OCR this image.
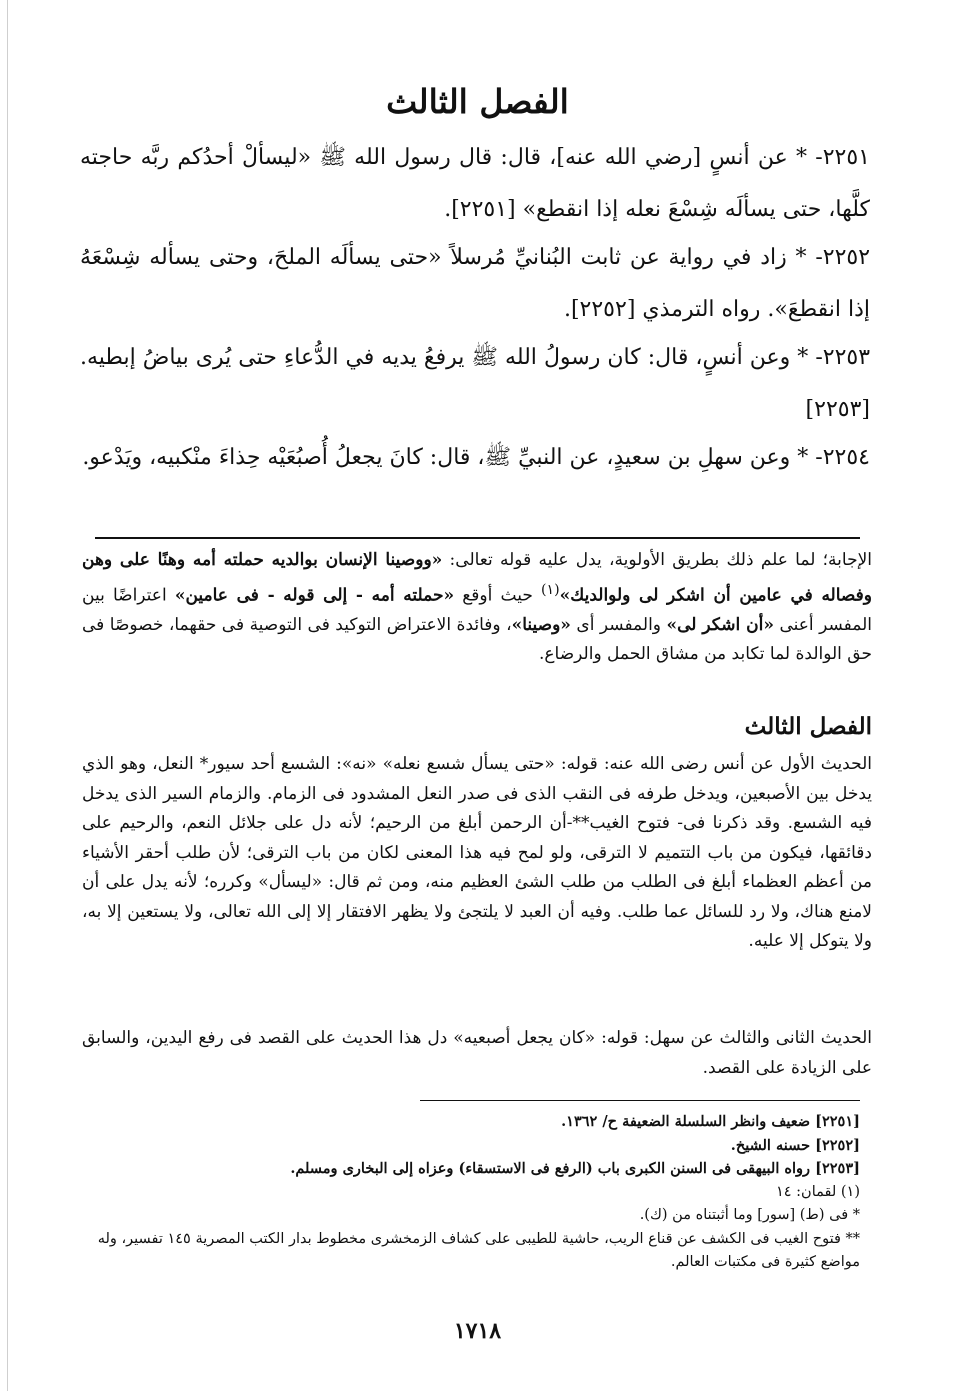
الفصل الثالث
٢٢٥١- * عن أنسٍ [رضي الله عنه]، قال: قال رسول الله ﷺ «ليسألْ أحدُكم ربَّه حاجته كلَّها، حتى يسألَه شِسْعَ نعله إذا انقطع» [٢٢٥١].
٢٢٥٢- * زاد في رواية عن ثابت البُنانيِّ مُرسلاً «حتى يسألَه الملحَ، وحتى يسأله شِسْعَهُ إذا انقطعَ». رواه الترمذي [٢٢٥٢].
٢٢٥٣- * وعن أنسٍ، قال: كان رسولُ الله ﷺ يرفعُ يديه في الدُّعاءِ حتى يُرى بياضُ إبطيه. [٢٢٥٣]
٢٢٥٤- * وعن سهلِ بن سعيدٍ، عن النبيِّ ﷺ، قال: كانَ يجعلُ أُصبُعَيْه حِذاءَ منْكبيه، ويَدْعو.

الإجابة؛ لما علم ذلك بطريق الأولوية، يدل عليه قوله تعالى: «ووصينا الإنسان بوالديه حملته أمه وهنًا على وهن وفصاله في عامين أن اشكر لى ولوالديك»$^{(١)}$ حيث أوقع «حملته أمه - إلى قوله - فى عامين» اعتراضًا بين المفسر أعنى «أن اشكر لى» والمفسر أى «وصينا»، وفائدة الاعتراض التوكيد فى التوصية فى حقهما، خصوصًا فى حق الوالدة لما تكابد من مشاق الحمل والرضاع.

الفصل الثالث

الحديث الأول عن أنس رضى الله عنه: قوله: «حتى يسأل شسع نعله» «نه»: الشسع أحد سيور* النعل، وهو الذي يدخل بين الأصبعين، ويدخل طرفه فى النقب الذى فى صدر النعل المشدود فى الزمام. والزمام السير الذى يدخل فيه الشسع. وقد ذكرنا فى- فتوح الغيب**-أن الرحمن أبلغ من الرحيم؛ لأنه دل على جلائل النعم، والرحيم على دقائقها، فيكون من باب التتميم لا الترقى، ولو لمح فيه هذا المعنى لكان من باب الترقى؛ لأن طلب أحقر الأشياء من أعظم العظماء أبلغ فى الطلب من طلب الشئ العظيم منه، ومن ثم قال: «ليسأل» وكرره؛ لأنه يدل على أن لامنع هناك، ولا رد للسائل عما طلب. وفيه أن العبد لا يلتجئ ولا يظهر الافتقار إلا إلى الله تعالى، ولا يستعين إلا به، ولا يتوكل إلا عليه.

الحديث الثانى والثالث عن سهل: قوله: «كان يجعل أصبعيه» دل هذا الحديث على القصد فى رفع اليدين، والسابق على الزيادة على القصد.

[٢٢٥١] ضعيف وانظر السلسلة الضعيفة ح/ ١٣٦٢.

[٢٢٥٢] حسنه الشيخ.

[٢٢٥٣] رواه البيهقى فى السنن الكبرى باب (الرفع فى الاستسقاء) وعزاه إلى البخارى ومسلم.

(١) لقمان: ١٤

* فى (ط) [سور] وما أثبتناه من (ك).

** فتوح الغيب فى الكشف عن قناع الريب، حاشية للطيبى على كشاف الزمخشرى مخطوط بدار الكتب المصرية ١٤٥ تفسير، وله مواضع كثيرة فى مكتبات العالم.

١٧١٨
